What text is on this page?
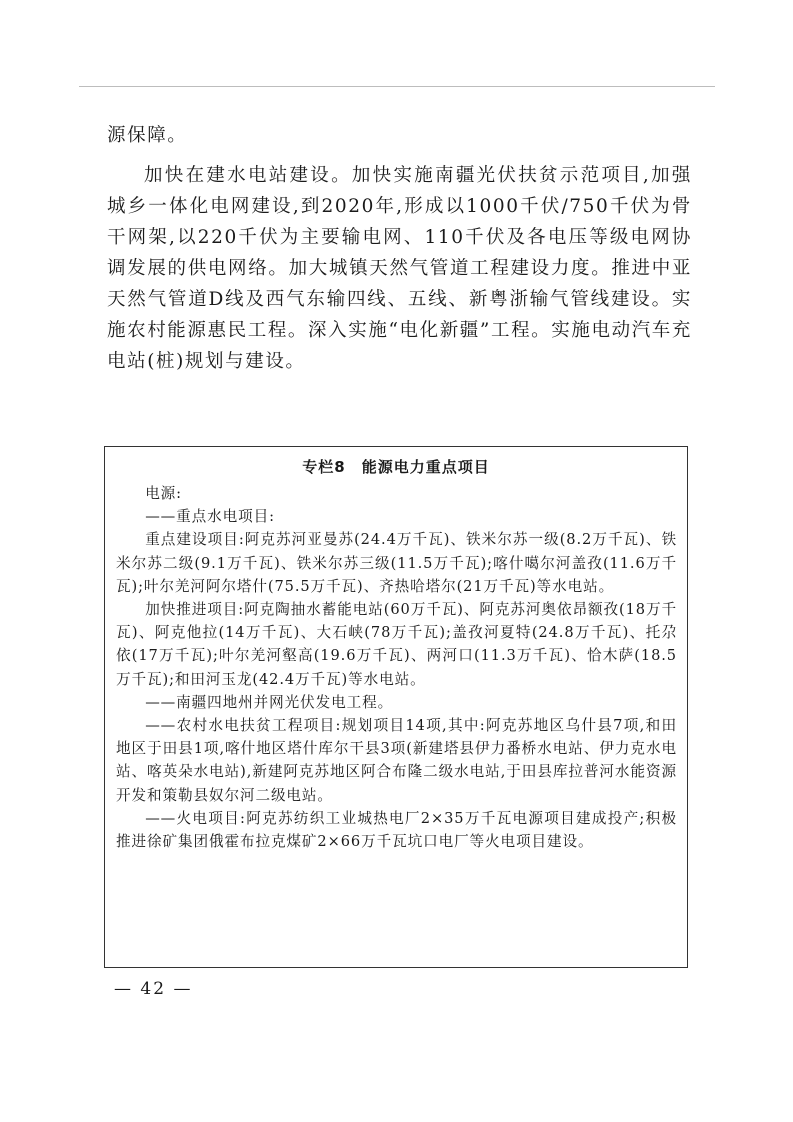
源保障。

加快在建水电站建设。加快实施南疆光伏扶贫示范项目,加强城乡一体化电网建设,到2020年,形成以1000千伏/750千伏为骨干网架,以220千伏为主要输电网、110千伏及各电压等级电网协调发展的供电网络。加大城镇天然气管道工程建设力度。推进中亚天然气管道D线及西气东输四线、五线、新粤浙输气管线建设。实施农村能源惠民工程。深入实施“电化新疆”工程。实施电动汽车充电站(桩)规划与建设。

专栏8　能源电力重点项目

电源:

——重点水电项目:

重点建设项目:阿克苏河亚曼苏(24.4万千瓦)、铁米尔苏一级(8.2万千瓦)、铁米尔苏二级(9.1万千瓦)、铁米尔苏三级(11.5万千瓦);喀什噶尔河盖孜(11.6万千瓦);叶尔羌河阿尔塔什(75.5万千瓦)、齐热哈塔尔(21万千瓦)等水电站。

加快推进项目:阿克陶抽水蓄能电站(60万千瓦)、阿克苏河奥依昂额孜(18万千瓦)、阿克他拉(14万千瓦)、大石峡(78万千瓦);盖孜河夏特(24.8万千瓦)、托尕依(17万千瓦);叶尔羌河壑高(19.6万千瓦)、两河口(11.3万千瓦)、恰木萨(18.5万千瓦);和田河玉龙(42.4万千瓦)等水电站。

——南疆四地州并网光伏发电工程。

——农村水电扶贫工程项目:规划项目14项,其中:阿克苏地区乌什县7项,和田地区于田县1项,喀什地区塔什库尔干县3项(新建塔县伊力番桥水电站、伊力克水电站、喀英朵水电站),新建阿克苏地区阿合布隆二级水电站,于田县库拉普河水能资源开发和策勒县奴尔河二级电站。

——火电项目:阿克苏纺织工业城热电厂2×35万千瓦电源项目建成投产;积极推进徐矿集团俄霍布拉克煤矿2×66万千瓦坑口电厂等火电项目建设。

— 42 —
